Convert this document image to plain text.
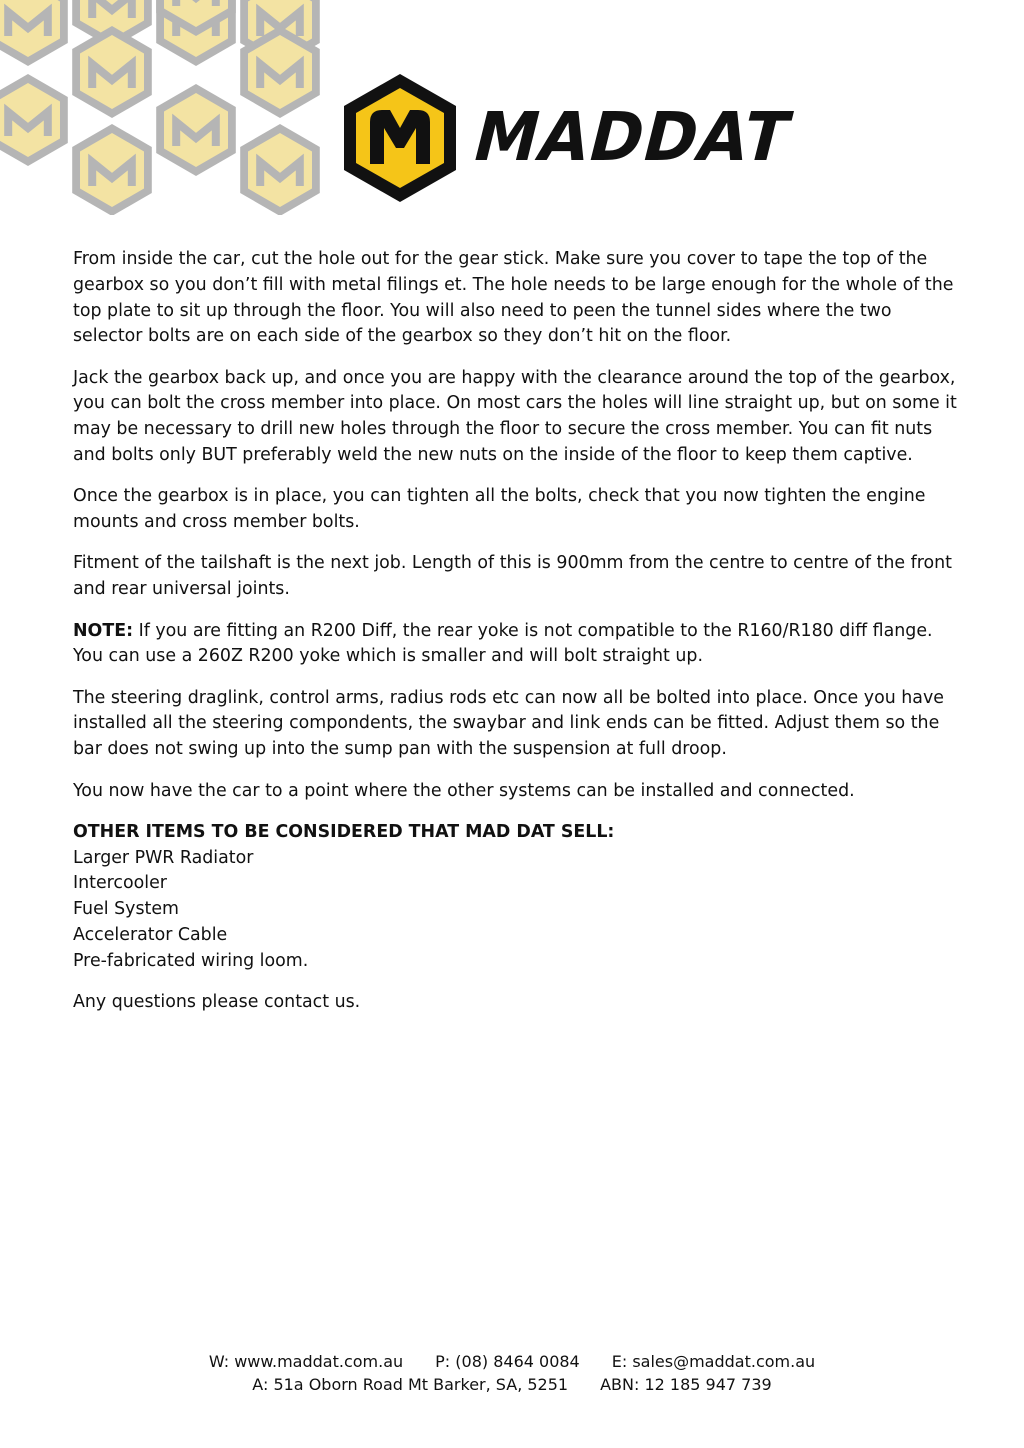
MADDAT

From inside the car, cut the hole out for the gear stick. Make sure you cover to tape the top of the gearbox so you don’t fill with metal filings et. The hole needs to be large enough for the whole of the top plate to sit up through the floor. You will also need to peen the tunnel sides where the two selector bolts are on each side of the gearbox so they don’t hit on the floor.

Jack the gearbox back up, and once you are happy with the clearance around the top of the gearbox, you can bolt the cross member into place. On most cars the holes will line straight up, but on some it may be necessary to drill new holes through the floor to secure the cross member. You can fit nuts and bolts only BUT preferably weld the new nuts on the inside of the floor to keep them captive.

Once the gearbox is in place, you can tighten all the bolts, check that you now tighten the engine mounts and cross member bolts.

Fitment of the tailshaft is the next job. Length of this is 900mm from the centre to centre of the front and rear universal joints.

NOTE: If you are fitting an R200 Diff, the rear yoke is not compatible to the R160/R180 diff flange. You can use a 260Z R200 yoke which is smaller and will bolt straight up.

The steering draglink, control arms, radius rods etc can now all be bolted into place. Once you have installed all the steering compondents, the swaybar and link ends can be fitted. Adjust them so the bar does not swing up into the sump pan with the suspension at full droop.

You now have the car to a point where the other systems can be installed and connected.

OTHER ITEMS TO BE CONSIDERED THAT MAD DAT SELL:
Larger PWR Radiator
Intercooler
Fuel System
Accelerator Cable
Pre-fabricated wiring loom.

Any questions please contact us.

W: www.maddat.com.au P: (08) 8464 0084 E: sales@maddat.com.au
A: 51a Oborn Road Mt Barker, SA, 5251 ABN: 12 185 947 739
